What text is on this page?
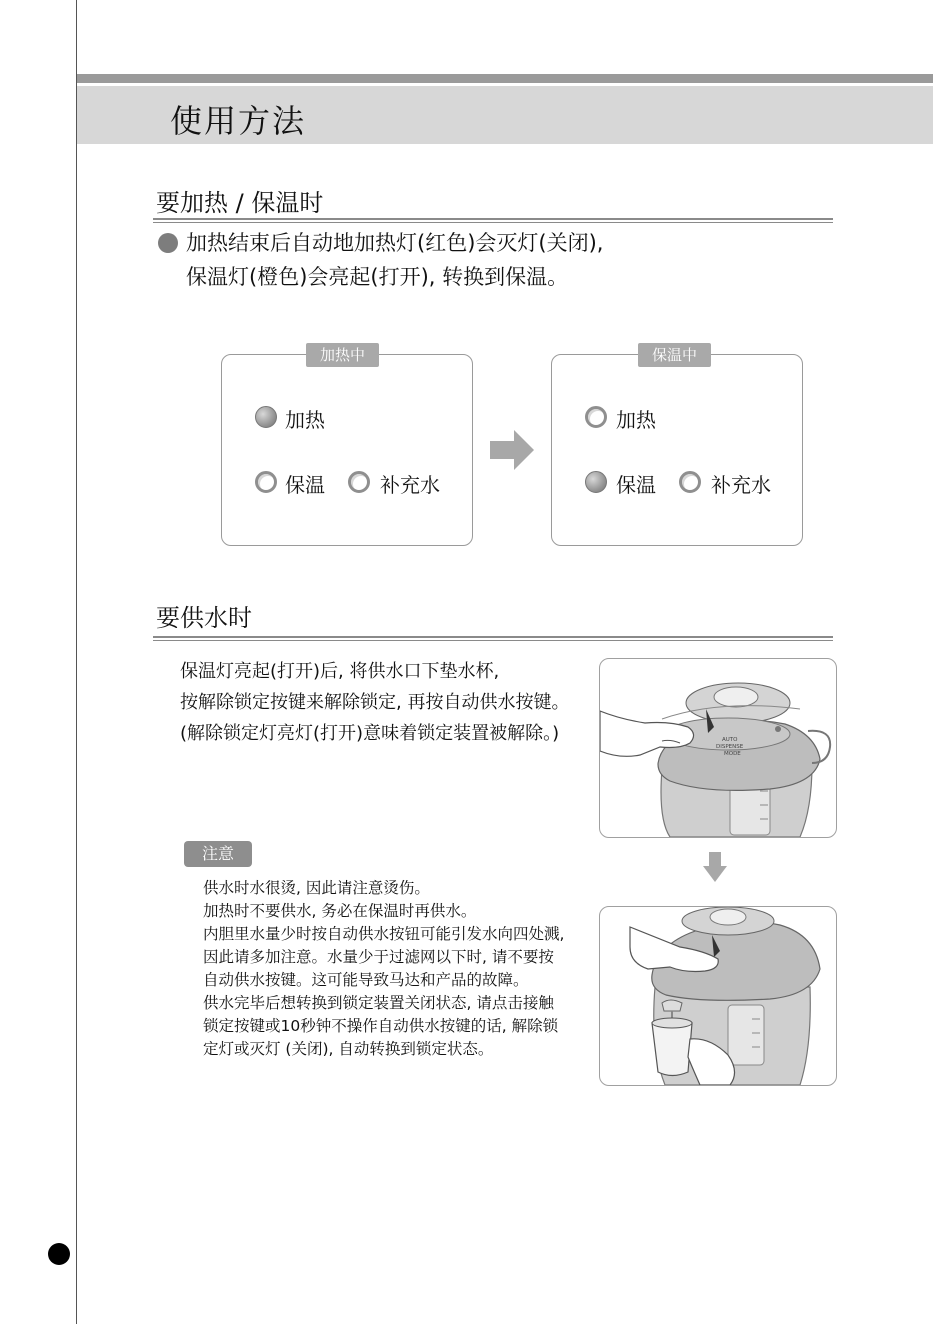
使用方法
要加热 / 保温时
加热结束后自动地加热灯(红色)会灭灯(关闭),
保温灯(橙色)会亮起(打开), 转换到保温。
加热中
加热
保温	补充水
保温中
加热
保温	补充水
要供水时
保温灯亮起(打开)后, 将供水口下垫水杯,
按解除锁定按键来解除锁定, 再按自动供水按键。
(解除锁定灯亮灯(打开)意味着锁定装置被解除。)
注意
供水时水很烫, 因此请注意烫伤。
加热时不要供水, 务必在保温时再供水。
内胆里水量少时按自动供水按钮可能引发水向四处溅,
因此请多加注意。水量少于过滤网以下时, 请不要按
自动供水按键。这可能导致马达和产品的故障。
供水完毕后想转换到锁定装置关闭状态, 请点击接触
锁定按键或10秒钟不操作自动供水按键的话, 解除锁
定灯或灭灯 (关闭), 自动转换到锁定状态。
AUTO
DISPENSE
MODE
